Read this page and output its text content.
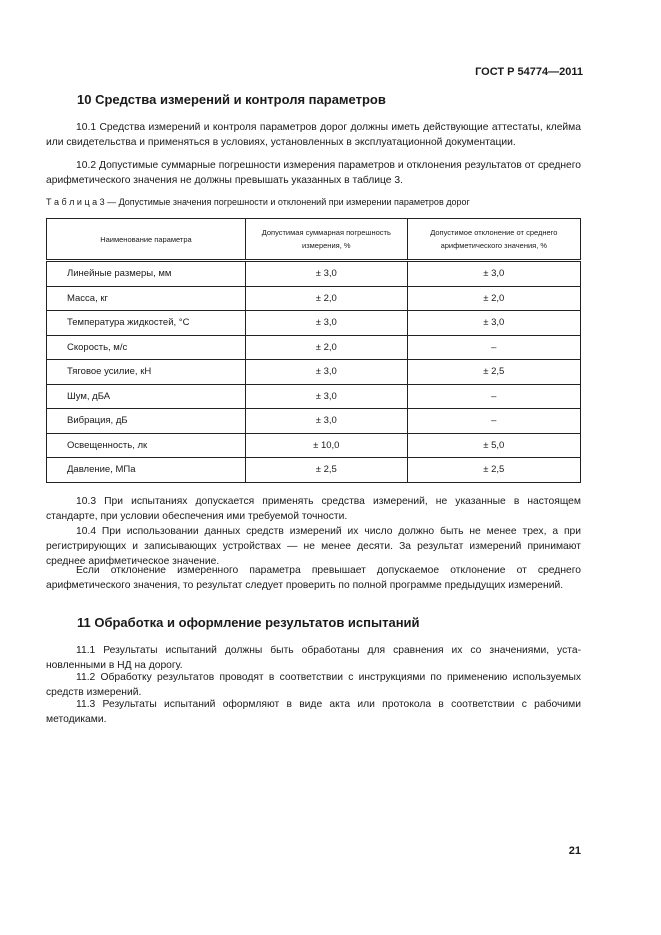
ГОСТ Р 54774—2011
10 Средства измерений и контроля параметров

10.1 Средства измерений и контроля параметров дорог должны иметь действующие аттестаты, клейма или свидетельства и применяться в условиях, установленных в эксплуатационной документации.

10.2 Допустимые суммарные погрешности измерения параметров и отклонения результатов от среднего арифметического значения не должны превышать указанных в таблице 3.

Т а б л и ц а 3 — Допустимые значения погрешности и отклонений при измерении параметров дорог
Наименование параметра	Допустимая суммарная погрешность измерения, %	Допустимое отклонение от среднего арифметического значения, %
Линейные размеры, мм	± 3,0	± 3,0
Масса, кг	± 2,0	± 2,0
Температура жидкостей, °С	± 3,0	± 3,0
Скорость, м/с	± 2,0	–
Тяговое усилие, кН	± 3,0	± 2,5
Шум, дБА	± 3,0	–
Вибрация, дБ	± 3,0	–
Освещенность, лк	± 10,0	± 5,0
Давление, МПа	± 2,5	± 2,5

10.3 При испытаниях допускается применять средства измерений, не указанные в настоящем стандарте, при условии обеспечения ими требуемой точности.

10.4 При использовании данных средств измерений их число должно быть не менее трех, а при регистрирующих и записывающих устройствах — не менее десяти. За результат измерений принимают среднее арифметическое значение.

Если отклонение измеренного параметра превышает допускаемое отклонение от среднего арифметического значения, то результат следует проверить по полной программе предыдущих измерений.

11 Обработка и оформление результатов испытаний

11.1 Результаты испытаний должны быть обработаны для сравнения их со значениями, установленными в НД на дорогу.

11.2 Обработку результатов проводят в соответствии с инструкциями по применению используемых средств измерений.

11.3 Результаты испытаний оформляют в виде акта или протокола в соответствии с рабочими методиками.

21
